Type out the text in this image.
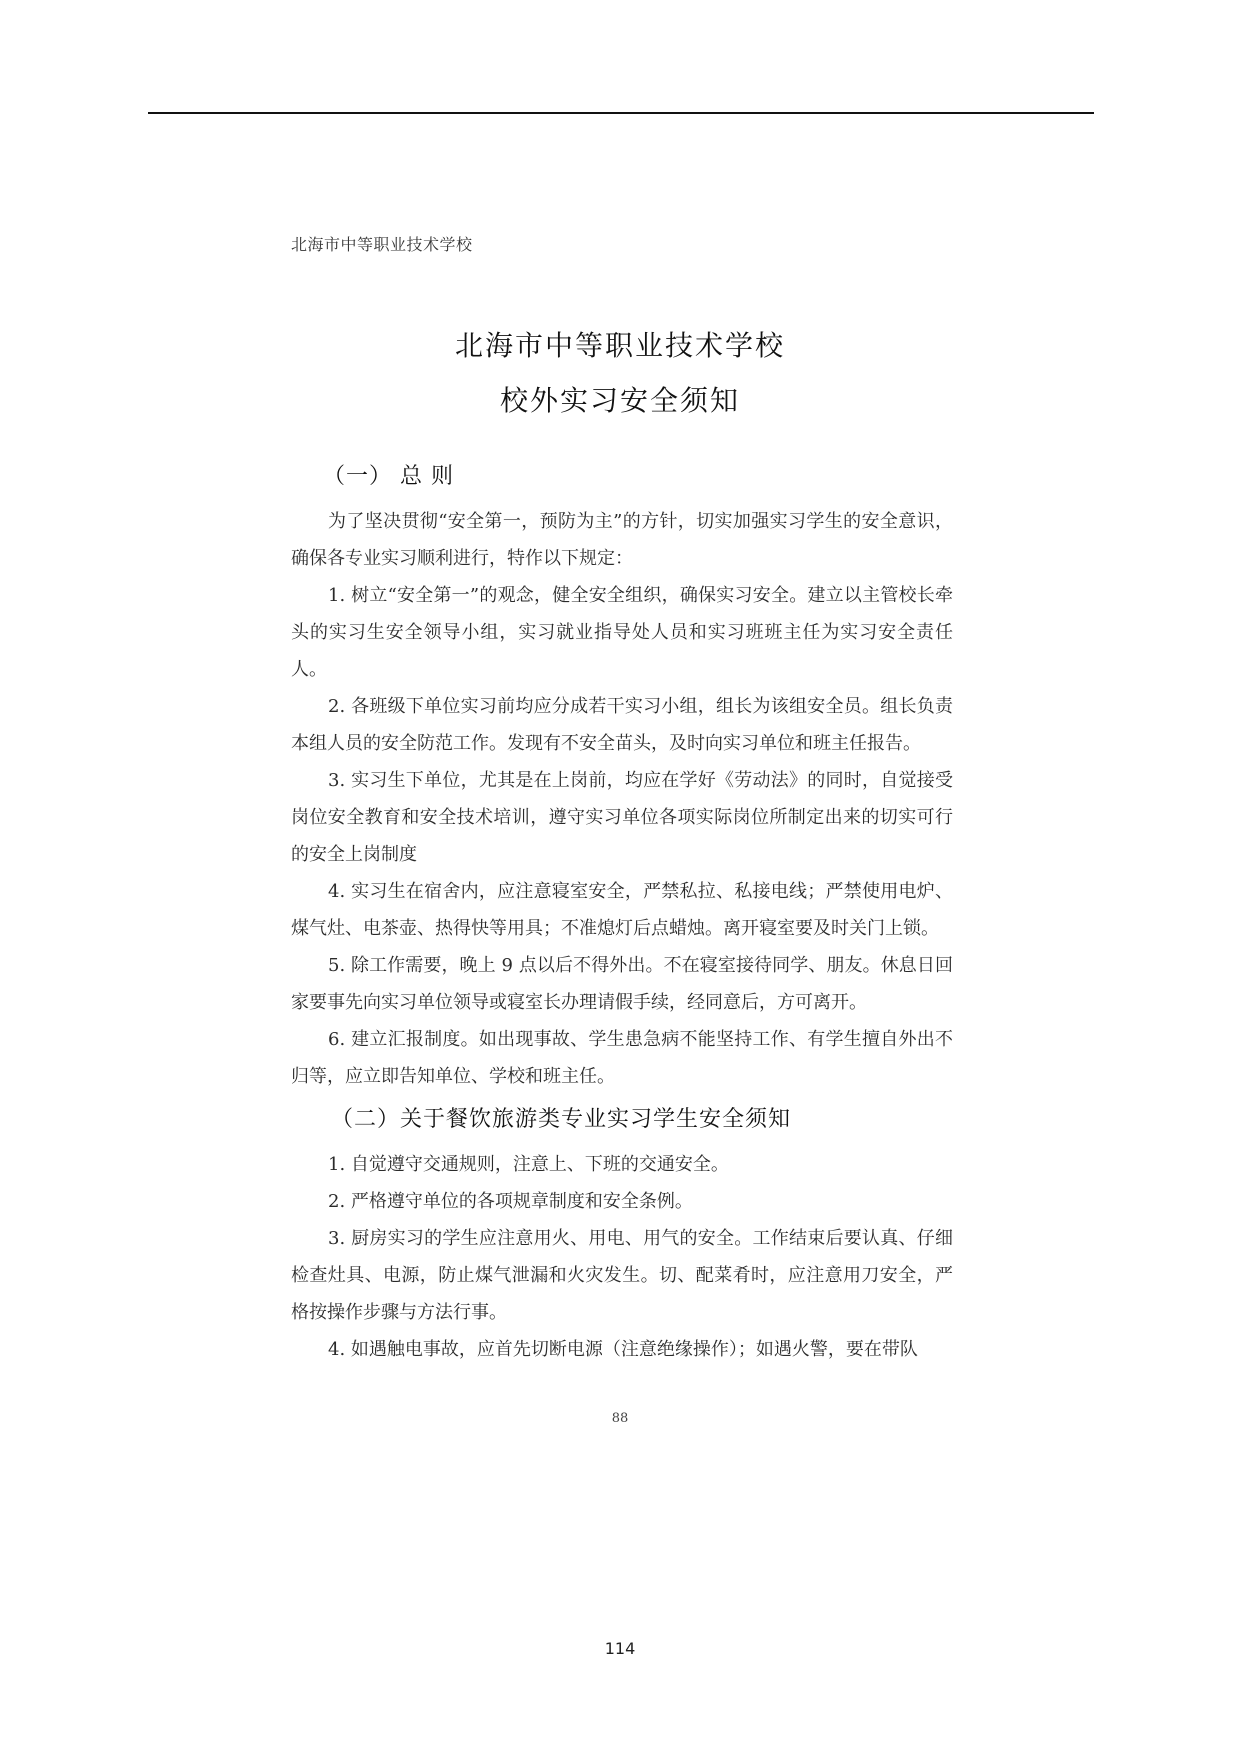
北海市中等职业技术学校
北海市中等职业技术学校
校外实习安全须知
（一） 总 则

为了坚决贯彻“安全第一，预防为主”的方针，切实加强实习学生的安全意识，确保各专业实习顺利进行，特作以下规定：

1. 树立“安全第一”的观念，健全安全组织，确保实习安全。建立以主管校长牵头的实习生安全领导小组，实习就业指导处人员和实习班班主任为实习安全责任人。

2. 各班级下单位实习前均应分成若干实习小组，组长为该组安全员。组长负责本组人员的安全防范工作。发现有不安全苗头，及时向实习单位和班主任报告。

3. 实习生下单位，尤其是在上岗前，均应在学好《劳动法》的同时，自觉接受岗位安全教育和安全技术培训，遵守实习单位各项实际岗位所制定出来的切实可行的安全上岗制度

4. 实习生在宿舍内，应注意寝室安全，严禁私拉、私接电线；严禁使用电炉、煤气灶、电茶壶、热得快等用具；不准熄灯后点蜡烛。离开寝室要及时关门上锁。

5. 除工作需要，晚上 9 点以后不得外出。不在寝室接待同学、朋友。休息日回家要事先向实习单位领导或寝室长办理请假手续，经同意后，方可离开。

6. 建立汇报制度。如出现事故、学生患急病不能坚持工作、有学生擅自外出不归等，应立即告知单位、学校和班主任。

（二）关于餐饮旅游类专业实习学生安全须知

1. 自觉遵守交通规则，注意上、下班的交通安全。

2. 严格遵守单位的各项规章制度和安全条例。

3. 厨房实习的学生应注意用火、用电、用气的安全。工作结束后要认真、仔细检查灶具、电源，防止煤气泄漏和火灾发生。切、配菜肴时，应注意用刀安全，严格按操作步骤与方法行事。

4. 如遇触电事故，应首先切断电源（注意绝缘操作）；如遇火警，要在带队

88
114
